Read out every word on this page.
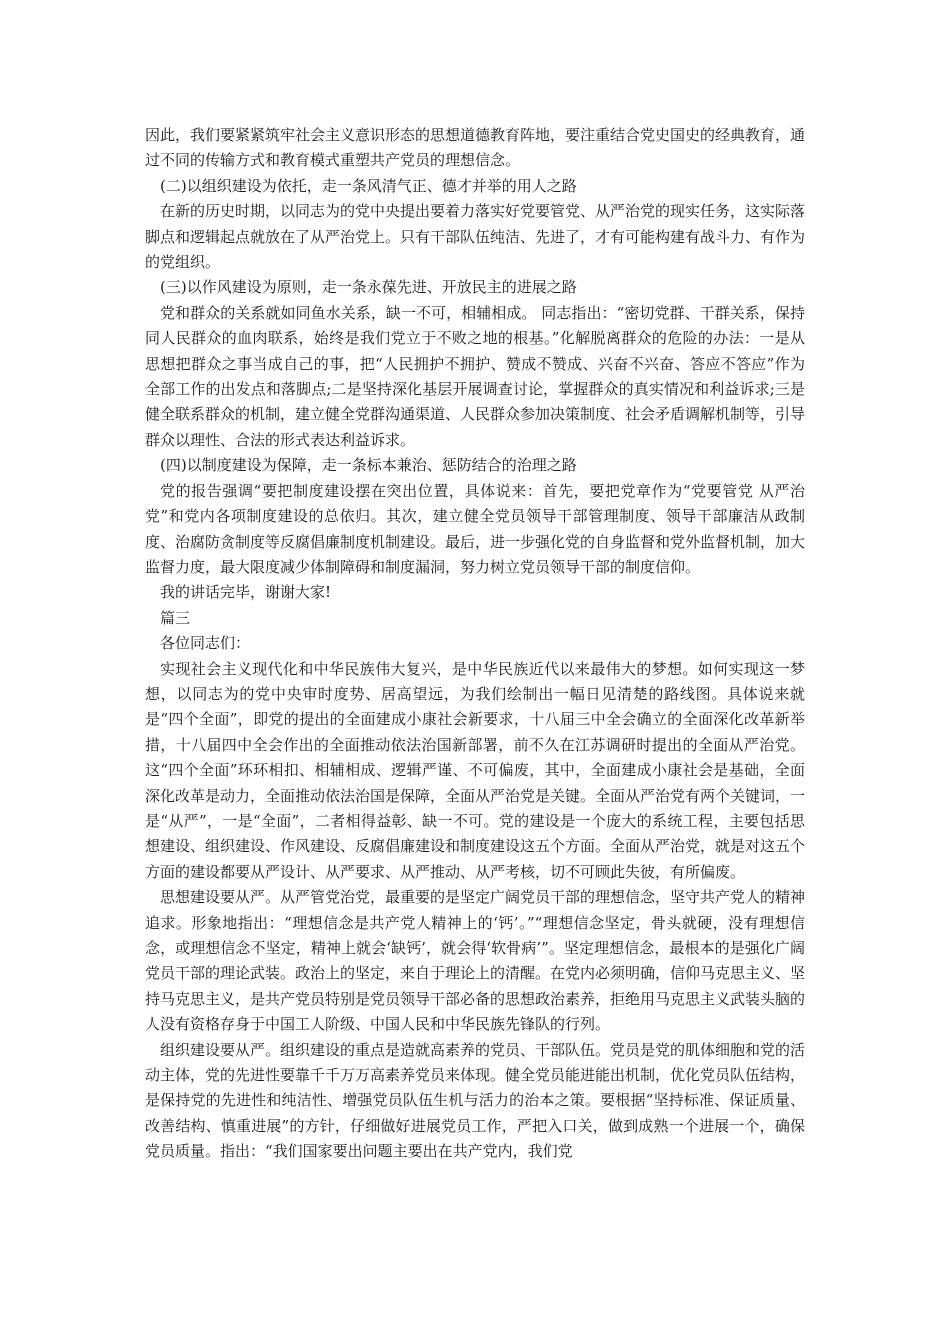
因此，我们要紧紧筑牢社会主义意识形态的思想道德教育阵地，要注重结合党史国史的经典教育，通过不同的传输方式和教育模式重塑共产党员的理想信念。

(二)以组织建设为依托，走一条风清气正、德才并举的用人之路

在新的历史时期，以同志为的党中央提出要着力落实好党要管党、从严治党的现实任务，这实际落脚点和逻辑起点就放在了从严治党上。只有干部队伍纯洁、先进了，才有可能构建有战斗力、有作为的党组织。

(三)以作风建设为原则，走一条永葆先进、开放民主的进展之路

党和群众的关系就如同鱼水关系，缺一不可，相辅相成。 同志指出：“密切党群、干群关系，保持同人民群众的血肉联系，始终是我们党立于不败之地的根基。”化解脱离群众的危险的办法：一是从思想把群众之事当成自己的事，把“人民拥护不拥护、赞成不赞成、兴奋不兴奋、答应不答应”作为全部工作的出发点和落脚点;二是坚持深化基层开展调查讨论，掌握群众的真实情况和利益诉求;三是健全联系群众的机制，建立健全党群沟通渠道、人民群众参加决策制度、社会矛盾调解机制等，引导群众以理性、合法的形式表达利益诉求。

(四)以制度建设为保障，走一条标本兼治、惩防结合的治理之路

党的报告强调“要把制度建设摆在突出位置，具体说来：首先，要把党章作为“党要管党 从严治党”和党内各项制度建设的总依归。其次，建立健全党员领导干部管理制度、领导干部廉洁从政制度、治腐防贪制度等反腐倡廉制度机制建设。最后，进一步强化党的自身监督和党外监督机制，加大监督力度，最大限度减少体制障碍和制度漏洞，努力树立党员领导干部的制度信仰。

我的讲话完毕，谢谢大家!

篇三

各位同志们：

实现社会主义现代化和中华民族伟大复兴，是中华民族近代以来最伟大的梦想。如何实现这一梦想，以同志为的党中央审时度势、居高望远，为我们绘制出一幅日见清楚的路线图。具体说来就是“四个全面”，即党的提出的全面建成小康社会新要求，十八届三中全会确立的全面深化改革新举措，十八届四中全会作出的全面推动依法治国新部署，前不久在江苏调研时提出的全面从严治党。这“四个全面”环环相扣、相辅相成、逻辑严谨、不可偏废，其中，全面建成小康社会是基础，全面深化改革是动力，全面推动依法治国是保障，全面从严治党是关键。全面从严治党有两个关键词，一是“从严”，一是“全面”，二者相得益彰、缺一不可。党的建设是一个庞大的系统工程，主要包括思想建设、组织建设、作风建设、反腐倡廉建设和制度建设这五个方面。全面从严治党，就是对这五个方面的建设都要从严设计、从严要求、从严推动、从严考核，切不可顾此失彼，有所偏废。

思想建设要从严。从严管党治党，最重要的是坚定广阔党员干部的理想信念，坚守共产党人的精神追求。形象地指出：“理想信念是共产党人精神上的‘钙’。”“理想信念坚定，骨头就硬，没有理想信念，或理想信念不坚定，精神上就会‘缺钙’，就会得‘软骨病’”。坚定理想信念，最根本的是强化广阔党员干部的理论武装。政治上的坚定，来自于理论上的清醒。在党内必须明确，信仰马克思主义、坚持马克思主义，是共产党员特别是党员领导干部必备的思想政治素养，拒绝用马克思主义武装头脑的人没有资格存身于中国工人阶级、中国人民和中华民族先锋队的行列。

组织建设要从严。组织建设的重点是造就高素养的党员、干部队伍。党员是党的肌体细胞和党的活动主体，党的先进性要靠千千万万高素养党员来体现。健全党员能进能出机制，优化党员队伍结构，是保持党的先进性和纯洁性、增强党员队伍生机与活力的治本之策。要根据“坚持标准、保证质量、改善结构、慎重进展”的方针，仔细做好进展党员工作，严把入口关，做到成熟一个进展一个，确保党员质量。指出：“我们国家要出问题主要出在共产党内，我们党
